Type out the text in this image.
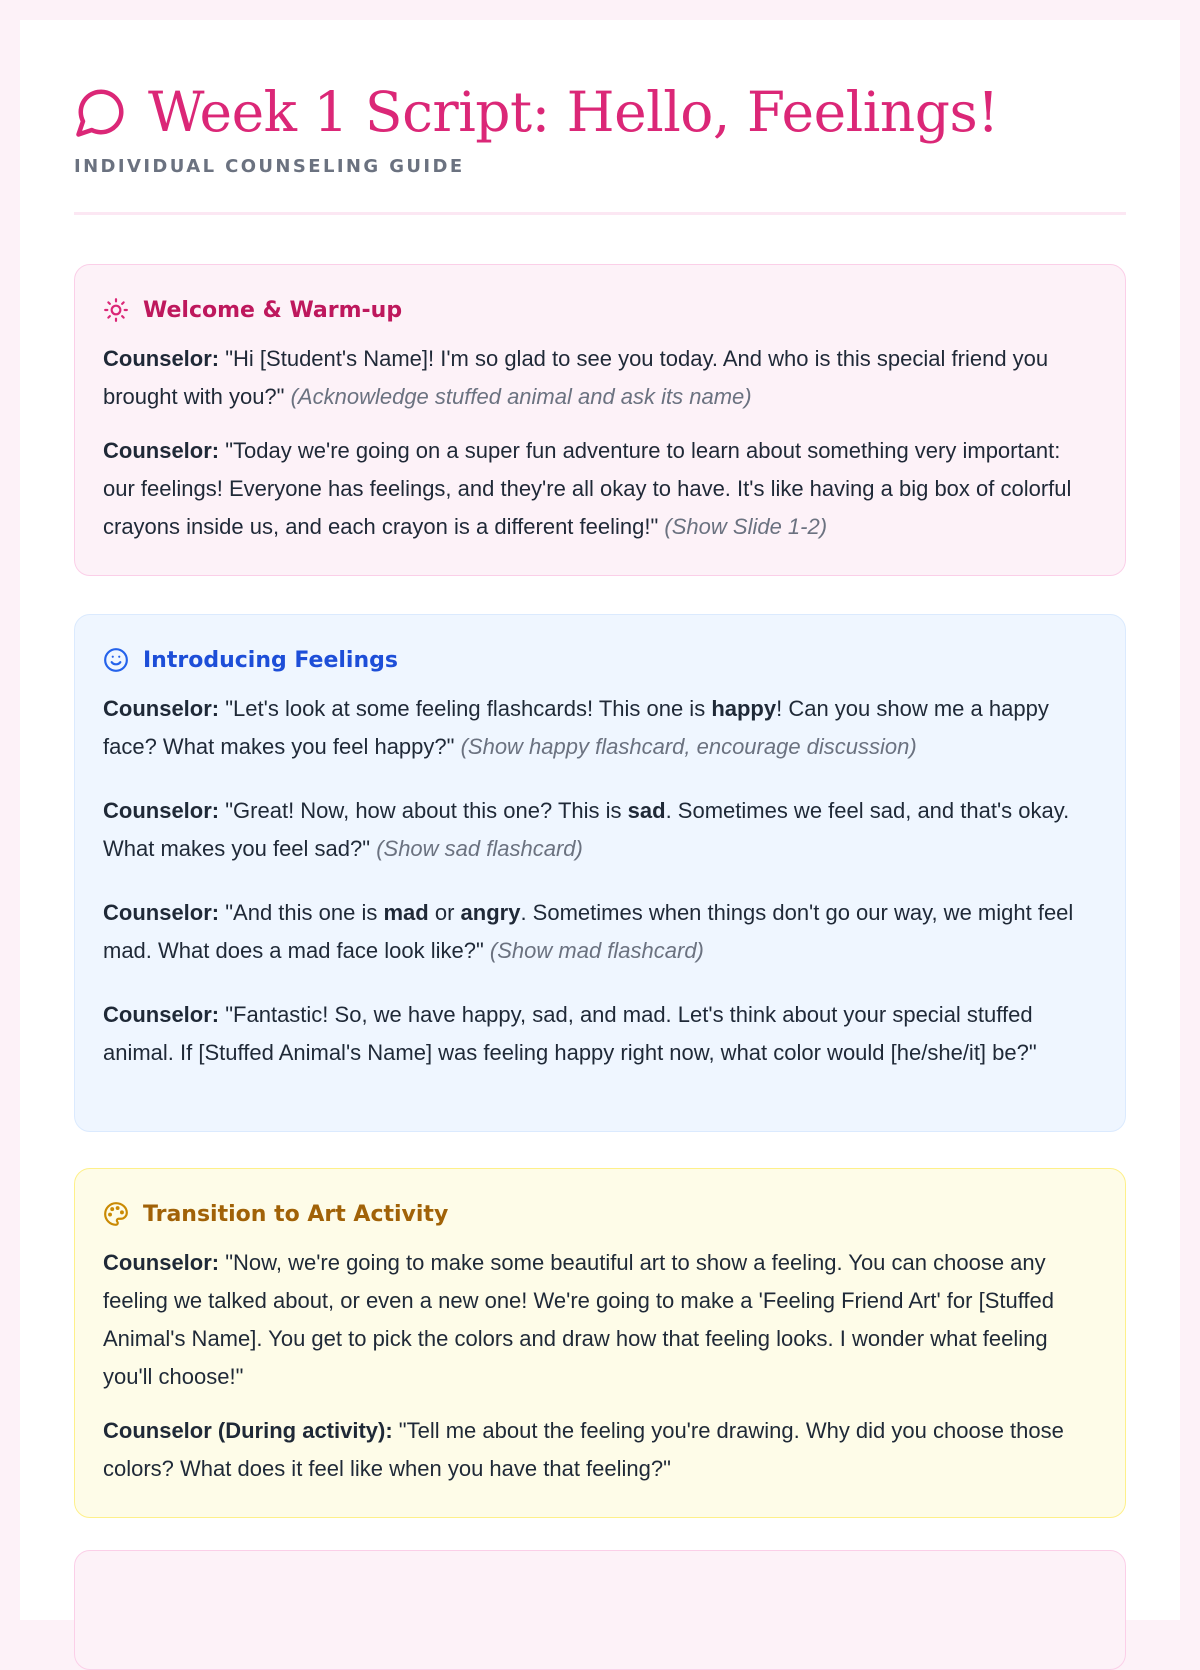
Week 1 Script: Hello, Feelings!
INDIVIDUAL COUNSELING GUIDE
Welcome & Warm-up

Counselor: "Hi [Student's Name]! I'm so glad to see you today. And who is this special friend you brought with you?" (Acknowledge stuffed animal and ask its name)

Counselor: "Today we're going on a super fun adventure to learn about something very important: our feelings! Everyone has feelings, and they're all okay to have. It's like having a big box of colorful crayons inside us, and each crayon is a different feeling!" (Show Slide 1-2)

Introducing Feelings

Counselor: "Let's look at some feeling flashcards! This one is happy! Can you show me a happy face? What makes you feel happy?" (Show happy flashcard, encourage discussion)

Counselor: "Great! Now, how about this one? This is sad. Sometimes we feel sad, and that's okay. What makes you feel sad?" (Show sad flashcard)

Counselor: "And this one is mad or angry. Sometimes when things don't go our way, we might feel mad. What does a mad face look like?" (Show mad flashcard)

Counselor: "Fantastic! So, we have happy, sad, and mad. Let's think about your special stuffed animal. If [Stuffed Animal's Name] was feeling happy right now, what color would [he/she/it] be?"

Transition to Art Activity

Counselor: "Now, we're going to make some beautiful art to show a feeling. You can choose any feeling we talked about, or even a new one! We're going to make a 'Feeling Friend Art' for [Stuffed Animal's Name]. You get to pick the colors and draw how that feeling looks. I wonder what feeling you'll choose!"

Counselor (During activity): "Tell me about the feeling you're drawing. Why did you choose those colors? What does it feel like when you have that feeling?"
